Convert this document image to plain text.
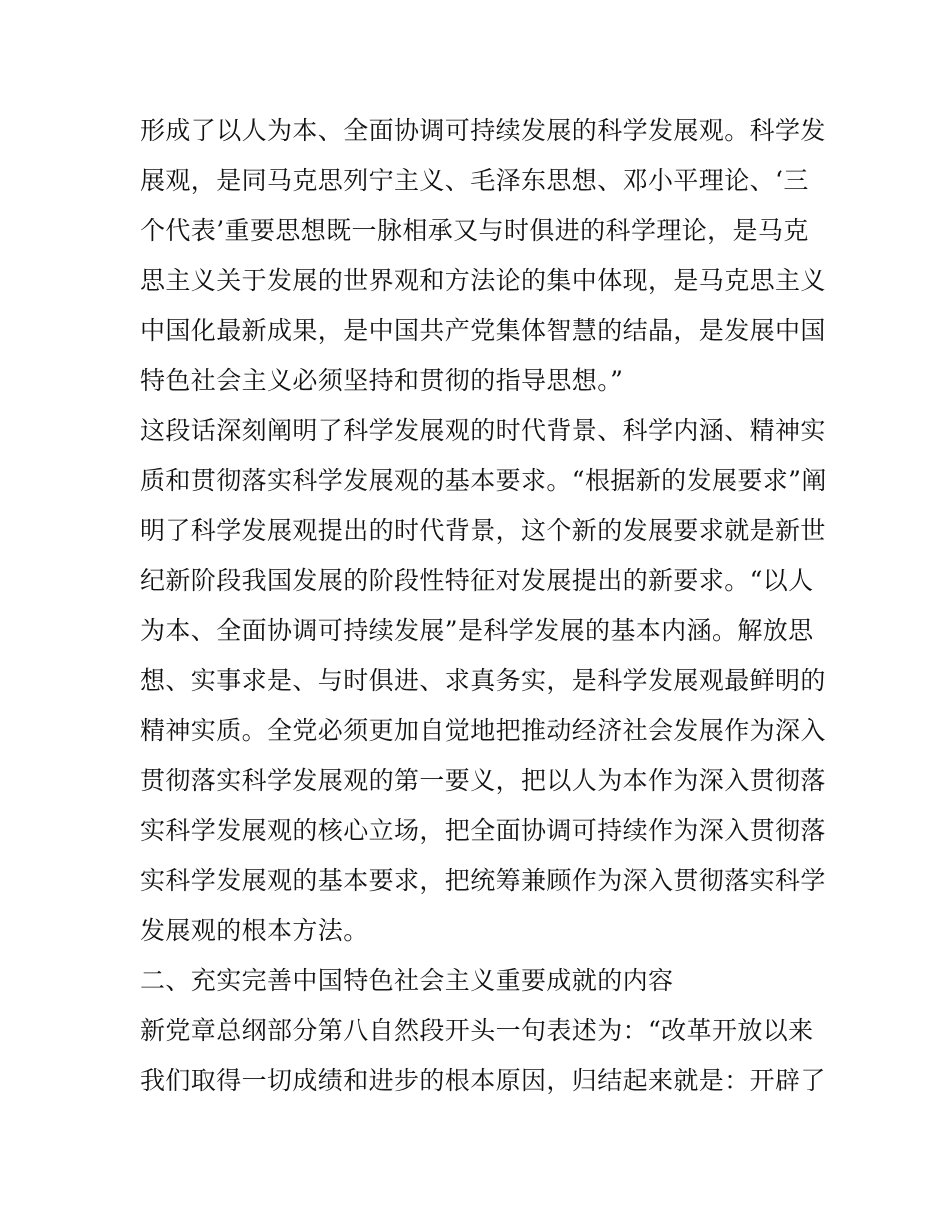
形成了以人为本、全面协调可持续发展的科学发展观。科学发
展观，是同马克思列宁主义、毛泽东思想、邓小平理论、‘三
个代表’重要思想既一脉相承又与时俱进的科学理论，是马克
思主义关于发展的世界观和方法论的集中体现，是马克思主义
中国化最新成果，是中国共产党集体智慧的结晶，是发展中国
特色社会主义必须坚持和贯彻的指导思想。”
这段话深刻阐明了科学发展观的时代背景、科学内涵、精神实
质和贯彻落实科学发展观的基本要求。“根据新的发展要求”阐
明了科学发展观提出的时代背景，这个新的发展要求就是新世
纪新阶段我国发展的阶段性特征对发展提出的新要求。“以人
为本、全面协调可持续发展”是科学发展的基本内涵。解放思
想、实事求是、与时俱进、求真务实，是科学发展观最鲜明的
精神实质。全党必须更加自觉地把推动经济社会发展作为深入
贯彻落实科学发展观的第一要义，把以人为本作为深入贯彻落
实科学发展观的核心立场，把全面协调可持续作为深入贯彻落
实科学发展观的基本要求，把统筹兼顾作为深入贯彻落实科学
发展观的根本方法。
二、充实完善中国特色社会主义重要成就的内容
新党章总纲部分第八自然段开头一句表述为：“改革开放以来
我们取得一切成绩和进步的根本原因，归结起来就是：开辟了
